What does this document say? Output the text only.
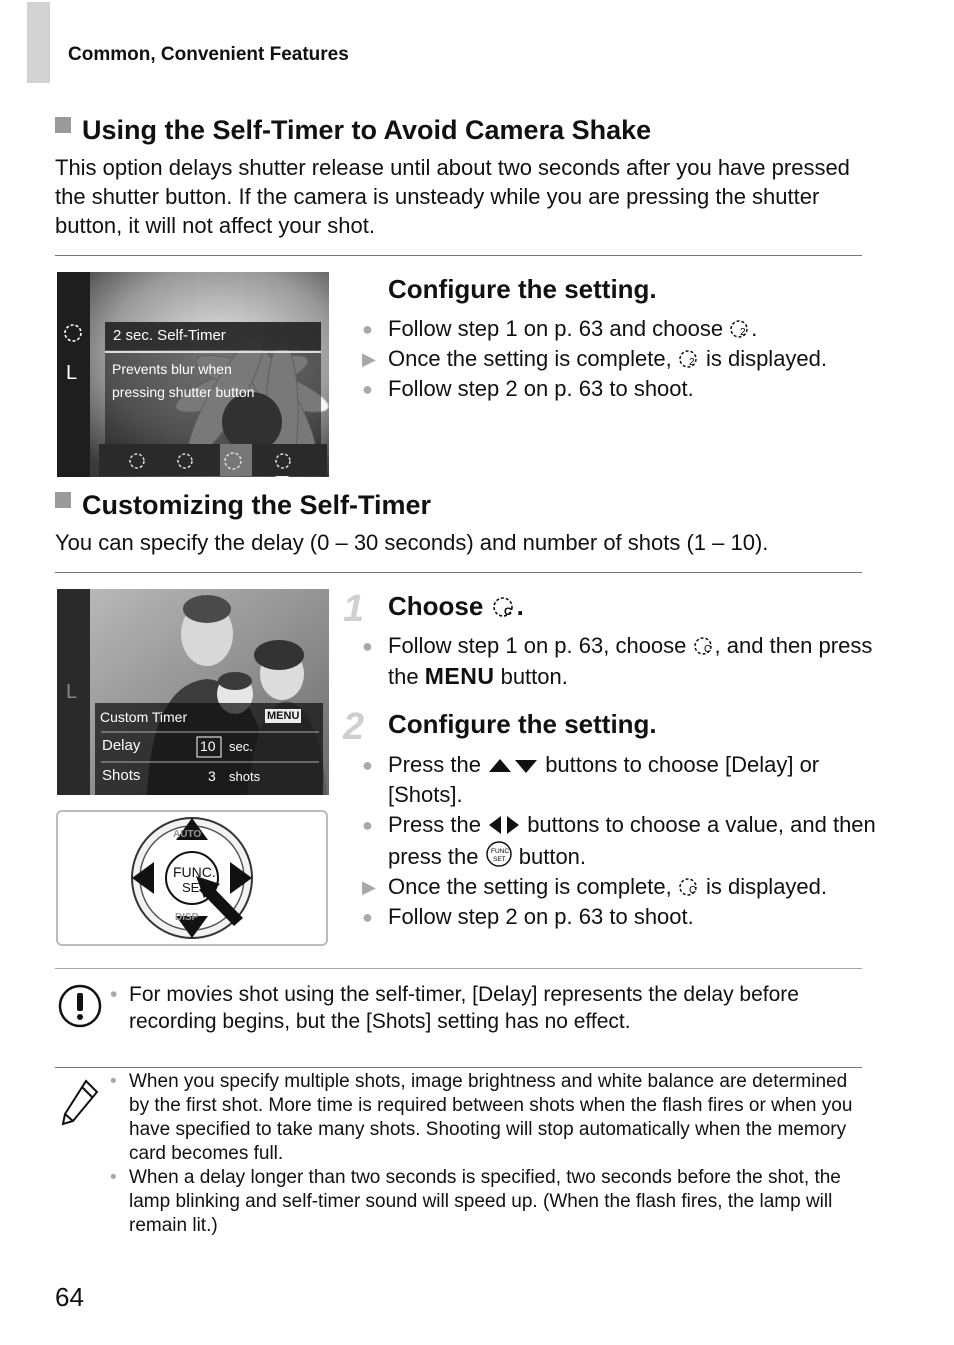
Common, Convenient Features
Using the Self-Timer to Avoid Camera Shake

This option delays shutter release until about two seconds after you have pressed the shutter button. If the camera is unsteady while you are pressing the shutter button, it will not affect your shot.

2 sec. Self-Timer
Prevents blur when
pressing shutter button
L
Configure the setting.
● Follow step 1 on p. 63 and choose 2 .
▶ Once the setting is complete, 2 is displayed.
● Follow step 2 on p. 63 to shoot.
Customizing the Self-Timer

You can specify the delay (0 – 30 seconds) and number of shots (1 – 10).

Custom Timer	MENU
Delay	10 sec.
Shots	3 shots
L
AUTO
FUNC.
SET
DISP
1 Choose
C .
● Follow step 1 on p. 63, choose C , and then press the MENU button.
2 Configure the setting.
● Press the	buttons to choose [Delay] or [Shots].
● Press the buttons to choose a value, and then press the FUNC
SET button.
▶ Once the setting is complete, C is displayed.
● Follow step 2 on p. 63 to shoot.
• For movies shot using the self-timer, [Delay] represents the delay before recording begins, but the [Shots] setting has no effect.
• When you specify multiple shots, image brightness and white balance are determined by the first shot. More time is required between shots when the flash fires or when you have specified to take many shots. Shooting will stop automatically when the memory card becomes full.
• When a delay longer than two seconds is specified, two seconds before the shot, the lamp blinking and self-timer sound will speed up. (When the flash fires, the lamp will remain lit.)
64
